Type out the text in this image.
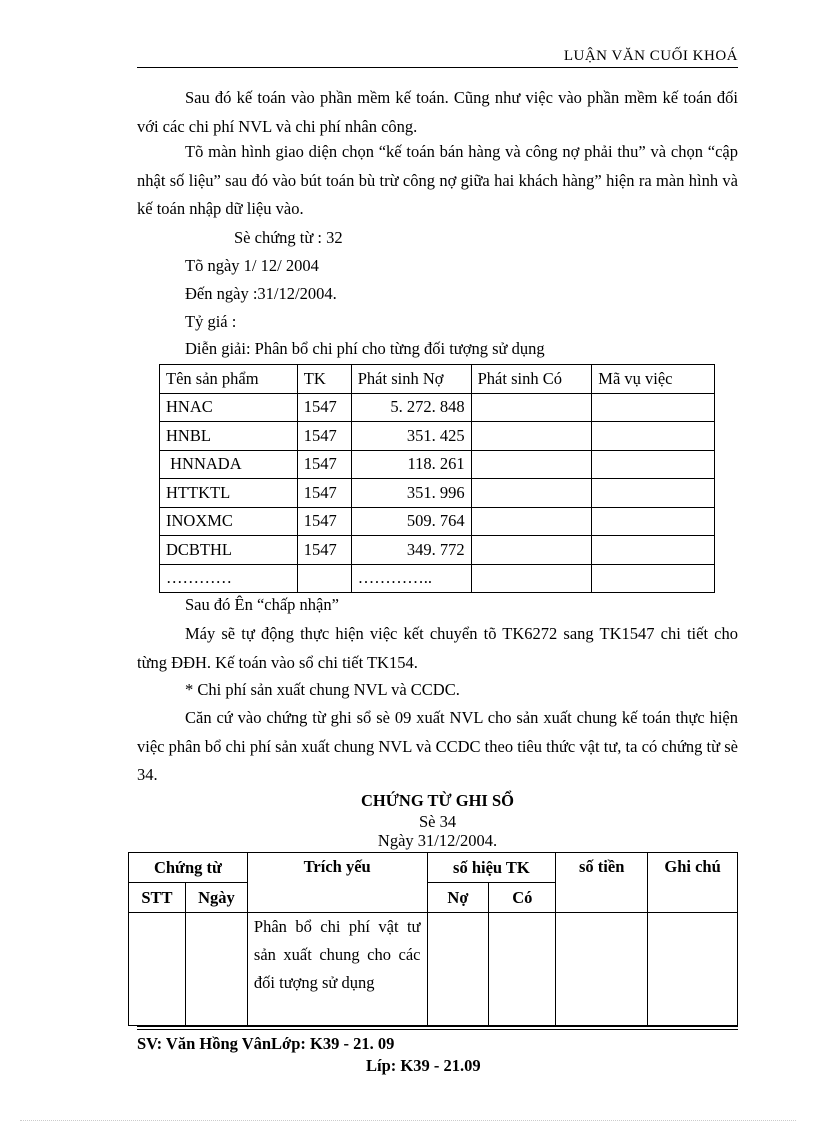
LUẬN VĂN CUỐI KHOÁ
Sau đó kế toán vào phần mềm kế toán. Cũng như việc vào phần mềm kế toán đối với các chi phí NVL và chi phí nhân công.
Tõ màn hình giao diện chọn “kế toán bán hàng và công nợ phải thu” và chọn “cập nhật số liệu” sau đó vào bút toán bù trừ công nợ giữa hai khách hàng” hiện ra màn hình và kế toán nhập dữ liệu vào.
Sè chứng từ : 32
Tõ ngày 1/ 12/ 2004
Đến ngày :31/12/2004.
Tỷ giá :
Diễn giải: Phân bổ chi phí cho từng đối tượng sử dụng
Tên sản phẩm	TK	Phát sinh Nợ	Phát sinh Có	Mã vụ việc
HNAC	1547	5. 272. 848		
HNBL	1547	351. 425		
HNNADA	1547	118. 261		
HTTKTL	1547	351. 996		
INOXMC	1547	509. 764		
DCBTHL	1547	349. 772		
…………		…………..		
Sau đó Ên “chấp nhận”
Máy sẽ tự động thực hiện việc kết chuyển tõ TK6272 sang TK1547 chi tiết cho từng ĐĐH. Kế toán vào sổ chi tiết TK154.
* Chi phí sản xuất chung NVL và CCDC.
Căn cứ vào chứng từ ghi sổ sè 09 xuất NVL cho sản xuất chung kế toán thực hiện việc phân bổ chi phí sản xuất chung NVL và CCDC theo tiêu thức vật tư, ta có chứng từ sè 34.
CHỨNG TỪ GHI SỔ
Sè 34
Ngày 31/12/2004.
Chứng từ		Trích yếu	số hiệu TK		số tiền	Ghi chú
STT	Ngày		Nợ	Có		
		Phân bổ chi phí vật tư sản xuất chung cho các đối tượng sử dụng				
SV: Văn Hồng VânLớp: K39 - 21. 09
Líp: K39 - 21.09
